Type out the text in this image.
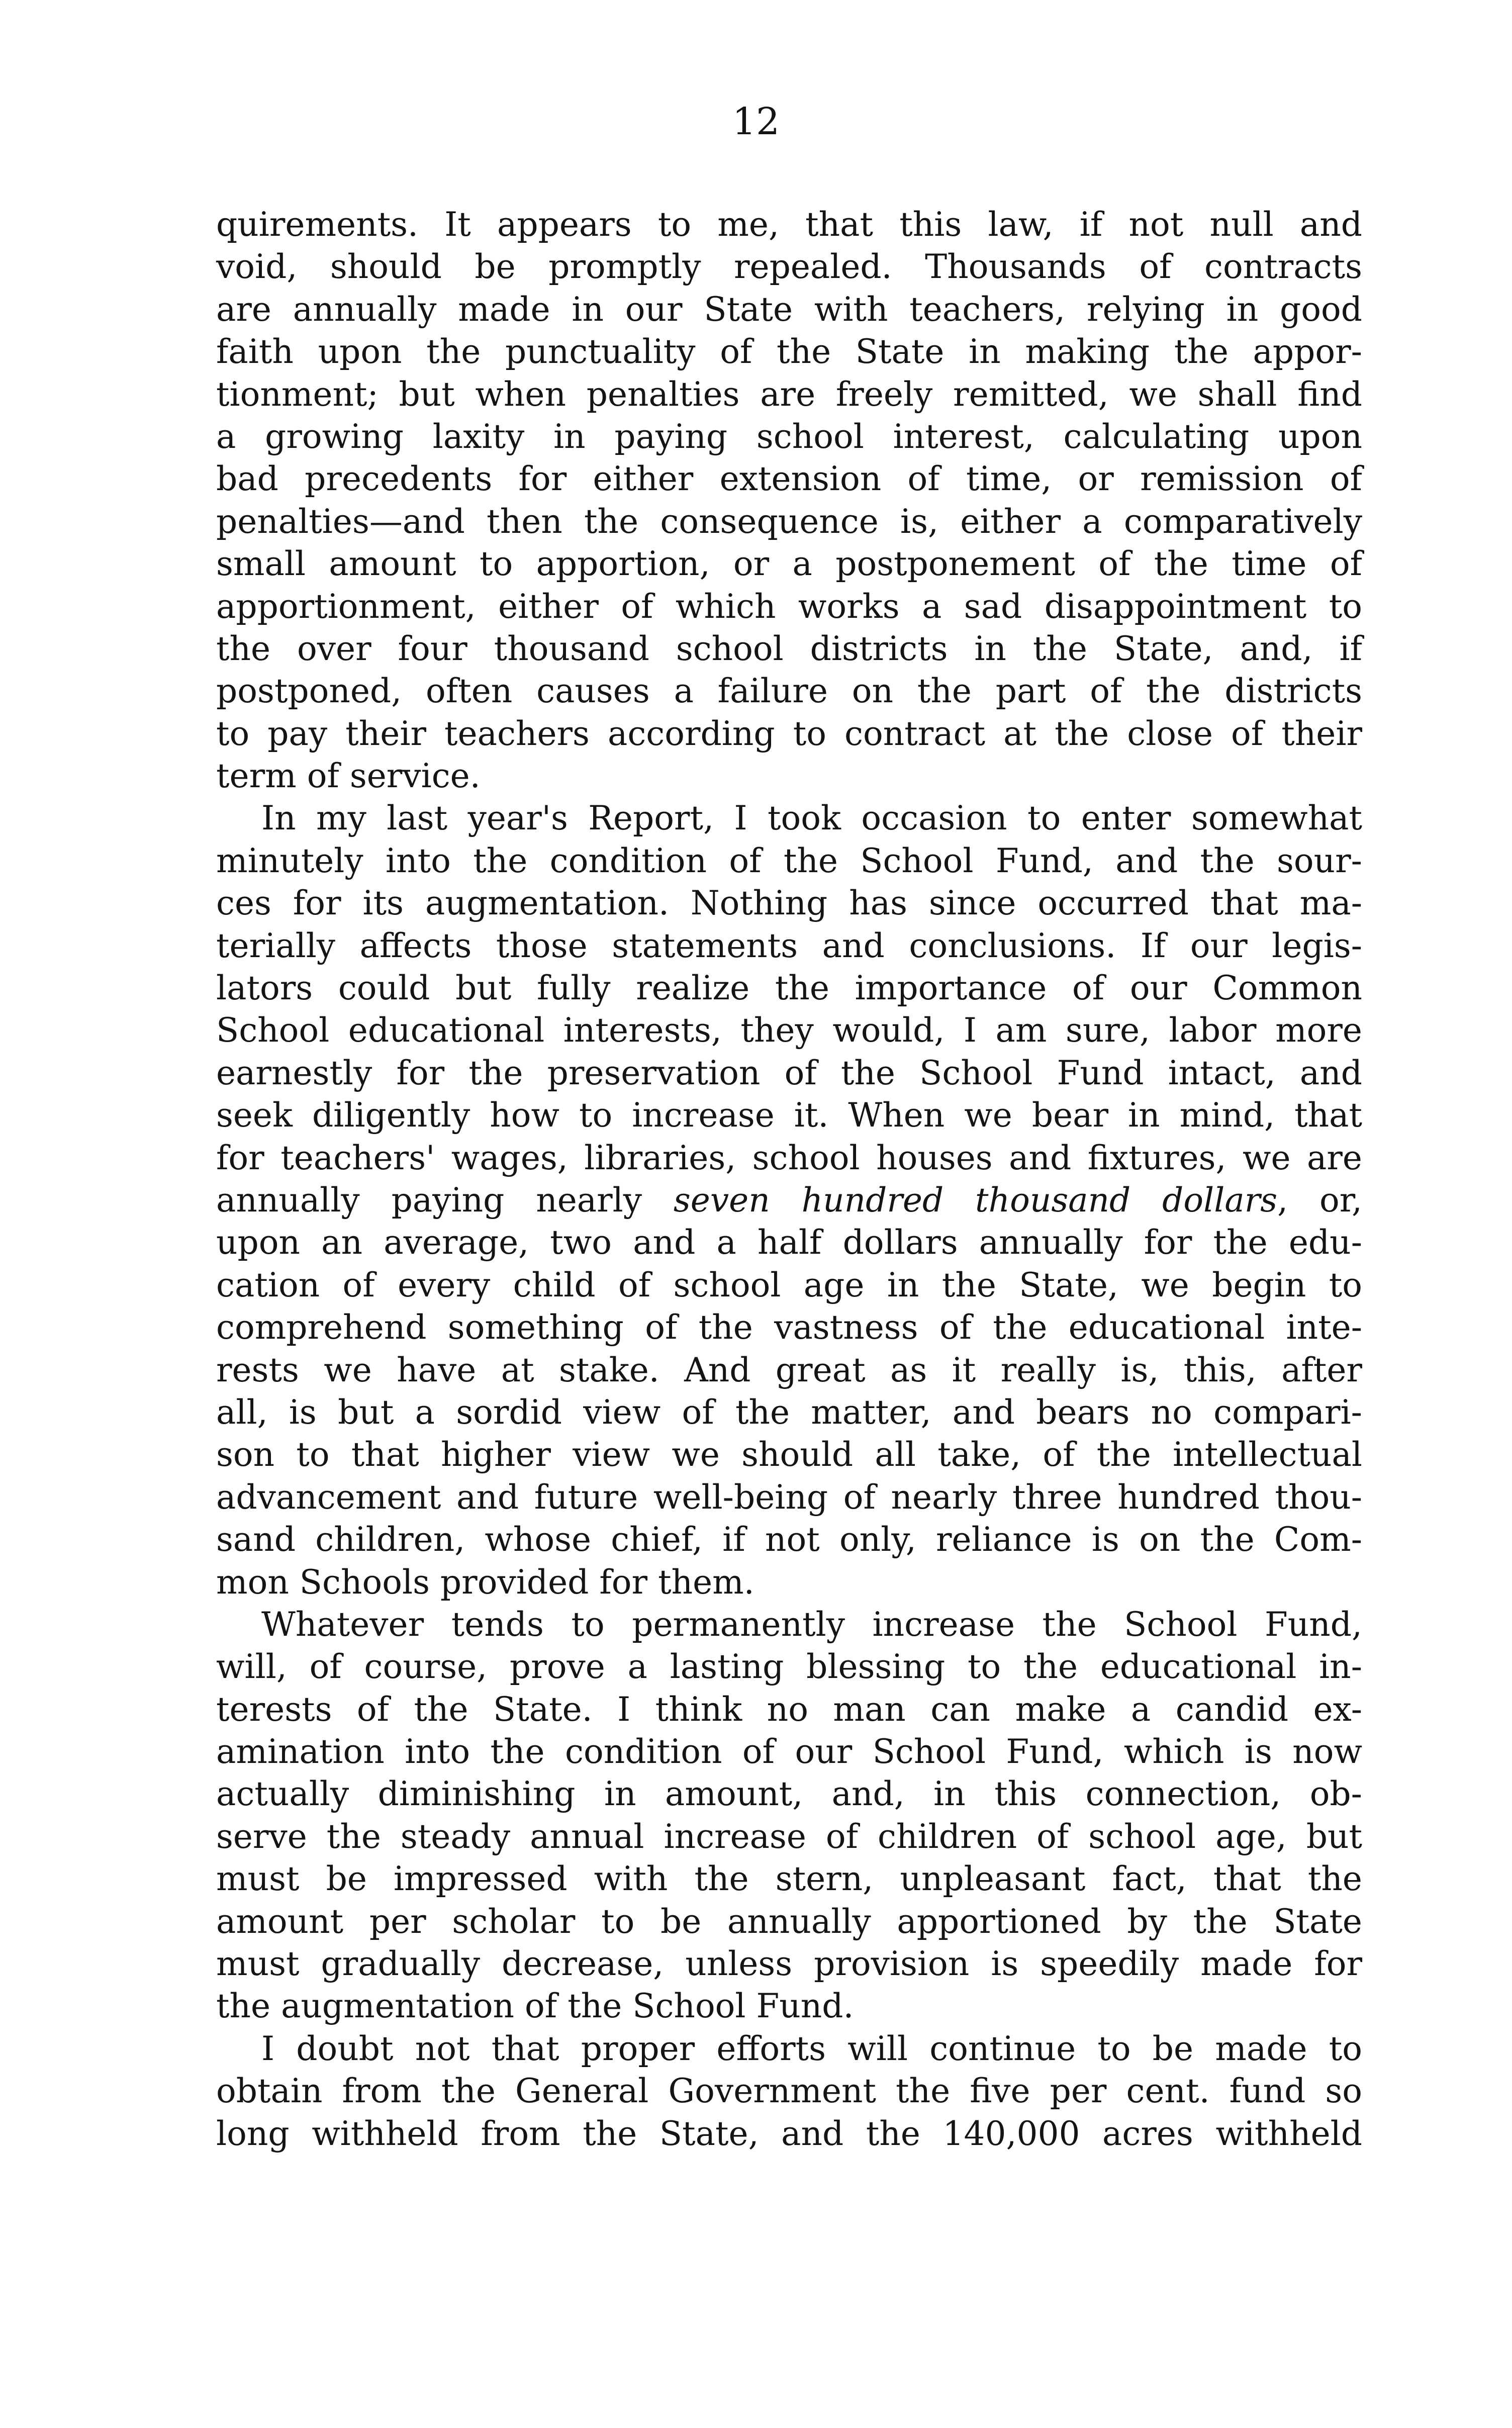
12
quirements. It appears to me, that this law, if not null and
void, should be promptly repealed. Thousands of contracts
are annually made in our State with teachers, relying in good
faith upon the punctuality of the State in making the appor-
tionment; but when penalties are freely remitted, we shall find
a growing laxity in paying school interest, calculating upon
bad precedents for either extension of time, or remission of
penalties—and then the consequence is, either a comparatively
small amount to apportion, or a postponement of the time of
apportionment, either of which works a sad disappointment to
the over four thousand school districts in the State, and, if
postponed, often causes a failure on the part of the districts
to pay their teachers according to contract at the close of their
term of service.
In my last year's Report, I took occasion to enter somewhat
minutely into the condition of the School Fund, and the sour-
ces for its augmentation. Nothing has since occurred that ma-
terially affects those statements and conclusions. If our legis-
lators could but fully realize the importance of our Common
School educational interests, they would, I am sure, labor more
earnestly for the preservation of the School Fund intact, and
seek diligently how to increase it. When we bear in mind, that
for teachers' wages, libraries, school houses and fixtures, we are
annually paying nearly seven hundred thousand dollars, or,
upon an average, two and a half dollars annually for the edu-
cation of every child of school age in the State, we begin to
comprehend something of the vastness of the educational inte-
rests we have at stake. And great as it really is, this, after
all, is but a sordid view of the matter, and bears no compari-
son to that higher view we should all take, of the intellectual
advancement and future well-being of nearly three hundred thou-
sand children, whose chief, if not only, reliance is on the Com-
mon Schools provided for them.
Whatever tends to permanently increase the School Fund,
will, of course, prove a lasting blessing to the educational in-
terests of the State. I think no man can make a candid ex-
amination into the condition of our School Fund, which is now
actually diminishing in amount, and, in this connection, ob-
serve the steady annual increase of children of school age, but
must be impressed with the stern, unpleasant fact, that the
amount per scholar to be annually apportioned by the State
must gradually decrease, unless provision is speedily made for
the augmentation of the School Fund.
I doubt not that proper efforts will continue to be made to
obtain from the General Government the five per cent. fund so
long withheld from the State, and the 140,000 acres withheld
